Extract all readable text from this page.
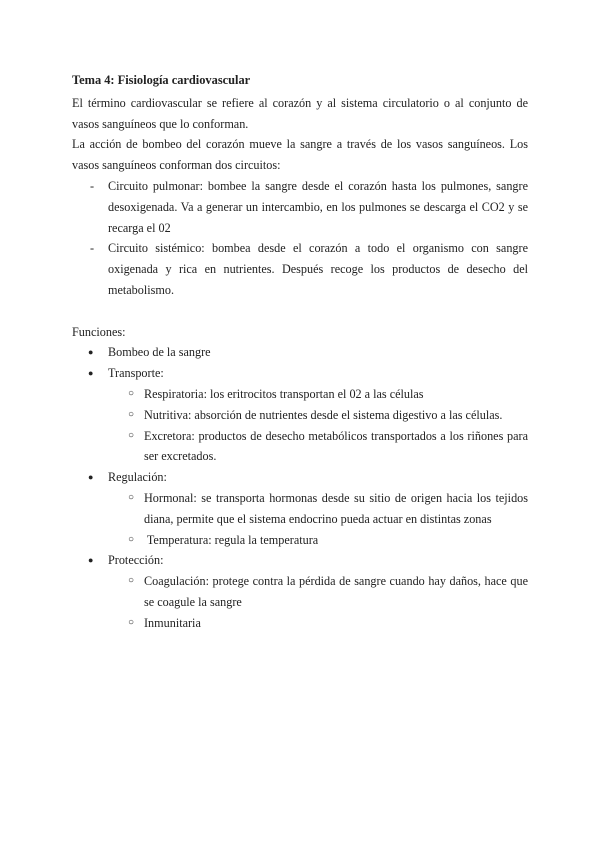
Tema 4: Fisiología cardiovascular

El término cardiovascular se refiere al corazón y al sistema circulatorio o al conjunto de vasos sanguíneos que lo conforman.

La acción de bombeo del corazón mueve la sangre a través de los vasos sanguíneos. Los vasos sanguíneos conforman dos circuitos:

- Circuito pulmonar: bombee la sangre desde el corazón hasta los pulmones, sangre desoxigenada. Va a generar un intercambio, en los pulmones se descarga el CO2 y se recarga el 02
- Circuito sistémico: bombea desde el corazón a todo el organismo con sangre oxigenada y rica en nutrientes. Después recoge los productos de desecho del metabolismo.

Funciones:

● Bombeo de la sangre
● Transporte:
○ Respiratoria: los eritrocitos transportan el 02 a las células
○ Nutritiva: absorción de nutrientes desde el sistema digestivo a las células.
○ Excretora: productos de desecho metabólicos transportados a los riñones para ser excretados.
● Regulación:
○ Hormonal: se transporta hormonas desde su sitio de origen hacia los tejidos diana, permite que el sistema endocrino pueda actuar en distintas zonas
○ Temperatura: regula la temperatura
● Protección:
○ Coagulación: protege contra la pérdida de sangre cuando hay daños, hace que se coagule la sangre
○ Inmunitaria
